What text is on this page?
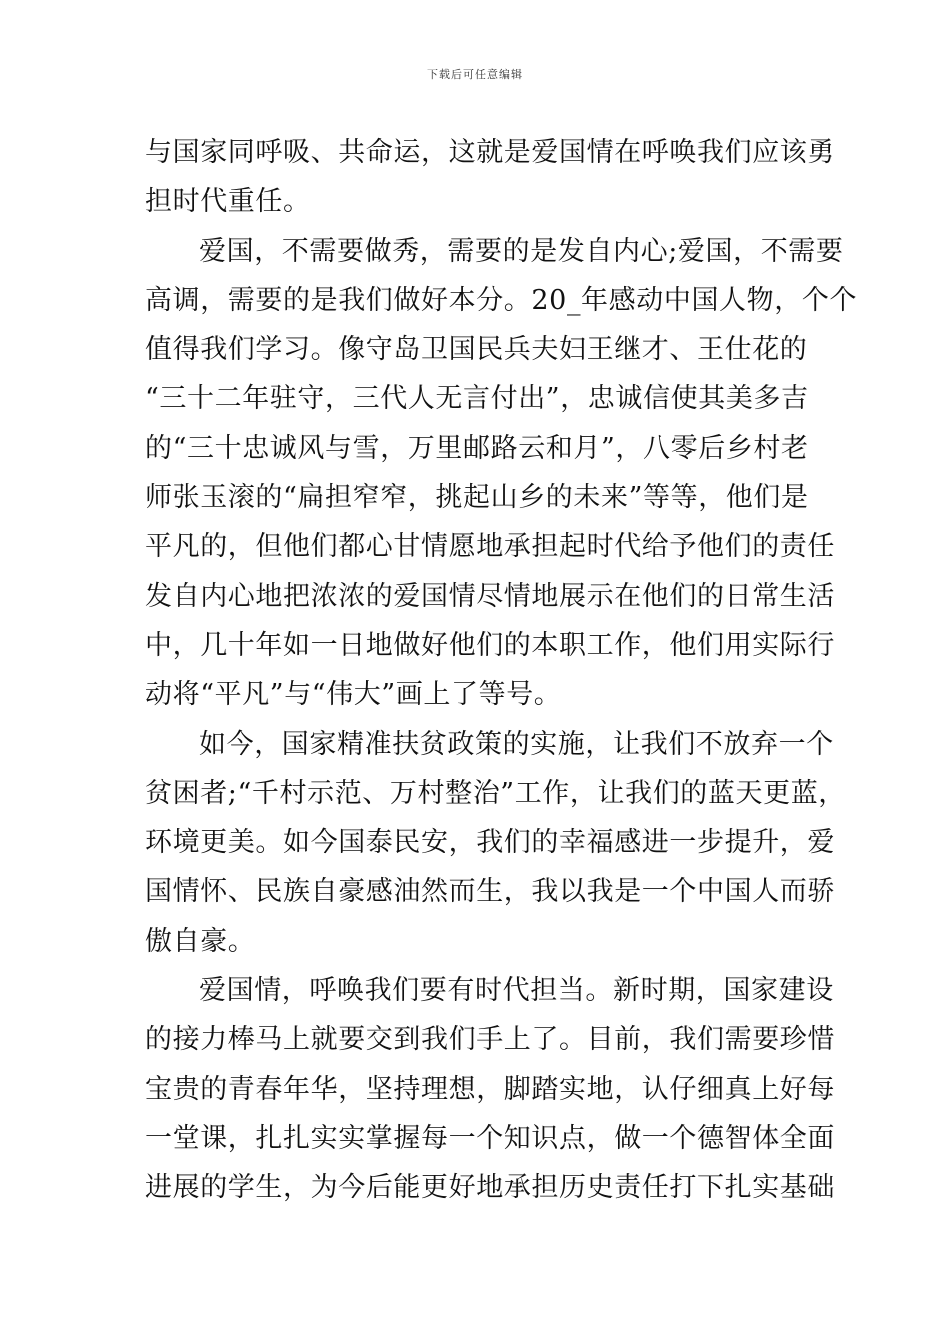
下载后可任意编辑
与国家同呼吸、共命运，这就是爱国情在呼唤我们应该勇
担时代重任。
爱国，不需要做秀，需要的是发自内心;爱国，不需要
高调，需要的是我们做好本分。20_年感动中国人物，个个
值得我们学习。像守岛卫国民兵夫妇王继才、王仕花的
“三十二年驻守，三代人无言付出”，忠诚信使其美多吉
的“三十忠诚风与雪，万里邮路云和月”，八零后乡村老
师张玉滚的“扁担窄窄，挑起山乡的未来”等等，他们是
平凡的，但他们都心甘情愿地承担起时代给予他们的责任
发自内心地把浓浓的爱国情尽情地展示在他们的日常生活
中，几十年如一日地做好他们的本职工作，他们用实际行
动将“平凡”与“伟大”画上了等号。
如今，国家精准扶贫政策的实施，让我们不放弃一个
贫困者;“千村示范、万村整治”工作，让我们的蓝天更蓝，
环境更美。如今国泰民安，我们的幸福感进一步提升，爱
国情怀、民族自豪感油然而生，我以我是一个中国人而骄
傲自豪。
爱国情，呼唤我们要有时代担当。新时期，国家建设
的接力棒马上就要交到我们手上了。目前，我们需要珍惜
宝贵的青春年华，坚持理想，脚踏实地，认仔细真上好每
一堂课，扎扎实实掌握每一个知识点，做一个德智体全面
进展的学生，为今后能更好地承担历史责任打下扎实基础
